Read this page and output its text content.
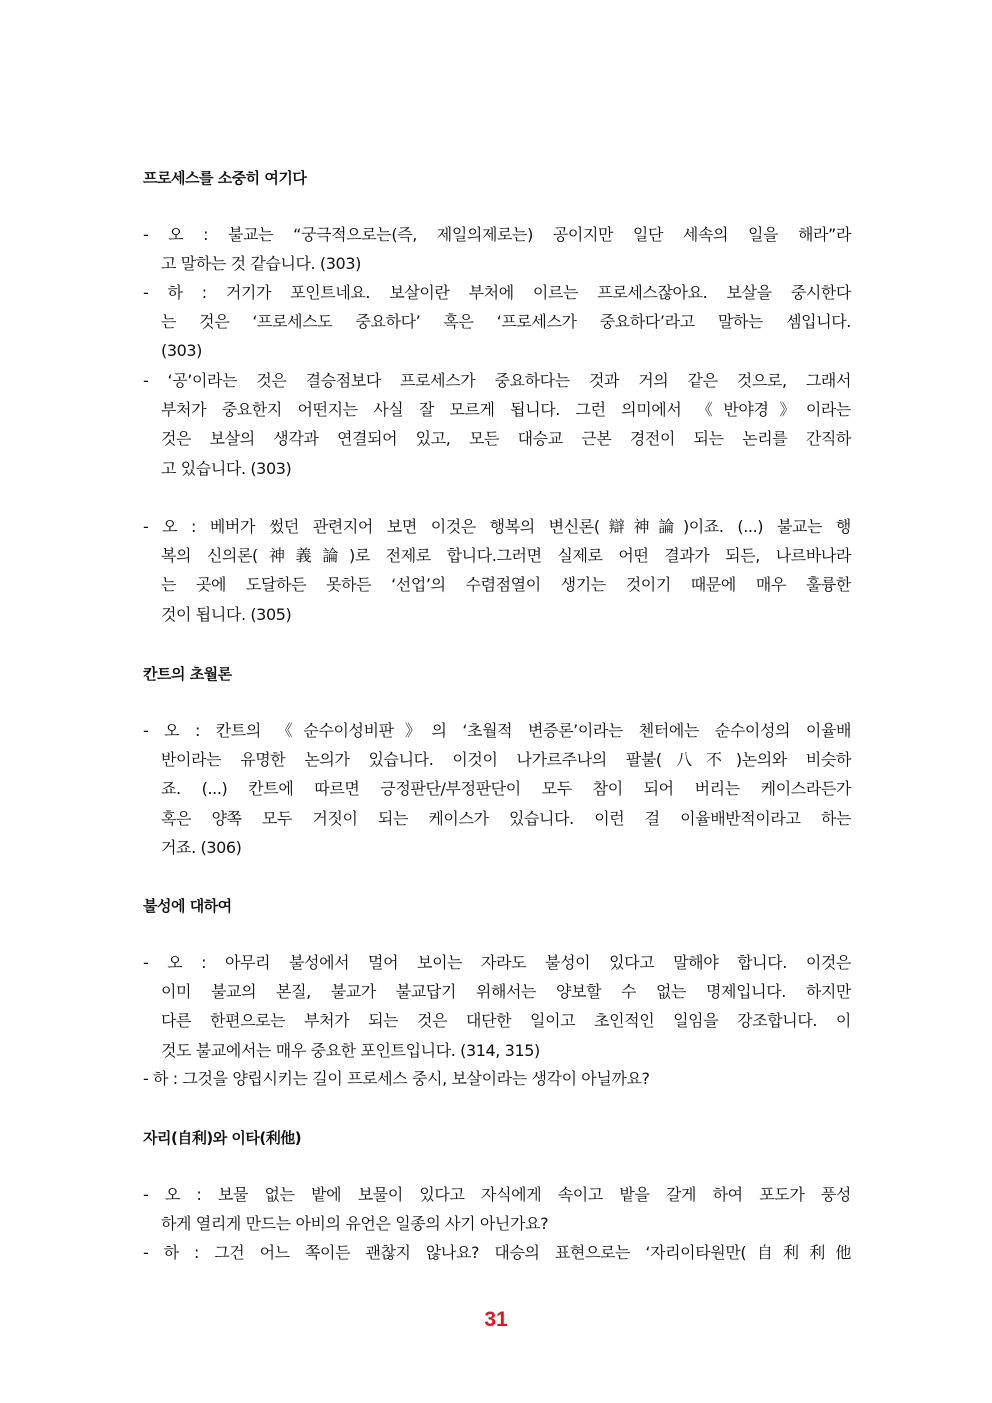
프로세스를 소중히 여기다
- 오 : 불교는 “궁극적으로는(즉, 제일의제로는) 공이지만 일단 세속의 일을 해라”라
고 말하는 것 같습니다. (303)
- 하 : 거기가 포인트네요. 보살이란 부처에 이르는 프로세스잖아요. 보살을 중시한다
는 것은 ‘프로세스도 중요하다’ 혹은 ‘프로세스가 중요하다’라고 말하는 셈입니다.
(303)
- ‘공’이라는 것은 결승점보다 프로세스가 중요하다는 것과 거의 같은 것으로, 그래서
부처가 중요한지 어떤지는 사실 잘 모르게 됩니다. 그런 의미에서 《반야경》이라는
것은 보살의 생각과 연결되어 있고, 모든 대승교 근본 경전이 되는 논리를 간직하
고 있습니다. (303)
- 오 : 베버가 썼던 관련지어 보면 이것은 행복의 변신론(辯神論)이죠. (...) 불교는 행
복의 신의론(神義論)로 전제로 합니다.그러면 실제로 어떤 결과가 되든, 나르바나라
는 곳에 도달하든 못하든 ‘선업’의 수렴점열이 생기는 것이기 때문에 매우 훌륭한
것이 됩니다. (305)
칸트의 초월론
- 오 : 칸트의 《순수이성비판》의 ‘초월적 변증론’이라는 첸터에는 순수이성의 이율배
반이라는 유명한 논의가 있습니다. 이것이 나가르주나의 팔불(八不)논의와 비슷하
죠. (...) 칸트에 따르면 긍정판단/부정판단이 모두 참이 되어 버리는 케이스라든가
혹은 양쪽 모두 거짓이 되는 케이스가 있습니다. 이런 걸 이율배반적이라고 하는
거죠. (306)
불성에 대하여
- 오 : 아무리 불성에서 멀어 보이는 자라도 불성이 있다고 말해야 합니다. 이것은
이미 불교의 본질, 불교가 불교답기 위해서는 양보할 수 없는 명제입니다. 하지만
다른 한편으로는 부처가 되는 것은 대단한 일이고 초인적인 일임을 강조합니다. 이
것도 불교에서는 매우 중요한 포인트입니다. (314, 315)
- 하 : 그것을 양립시키는 길이 프로세스 중시, 보살이라는 생각이 아닐까요?
자리(自利)와 이타(利他)
- 오 : 보물 없는 밭에 보물이 있다고 자식에게 속이고 밭을 갈게 하여 포도가 풍성
하게 열리게 만드는 아비의 유언은 일종의 사기 아닌가요?
- 하 : 그건 어느 쪽이든 괜찮지 않나요? 대승의 표현으로는 ‘자리이타원만(自利利他
31
